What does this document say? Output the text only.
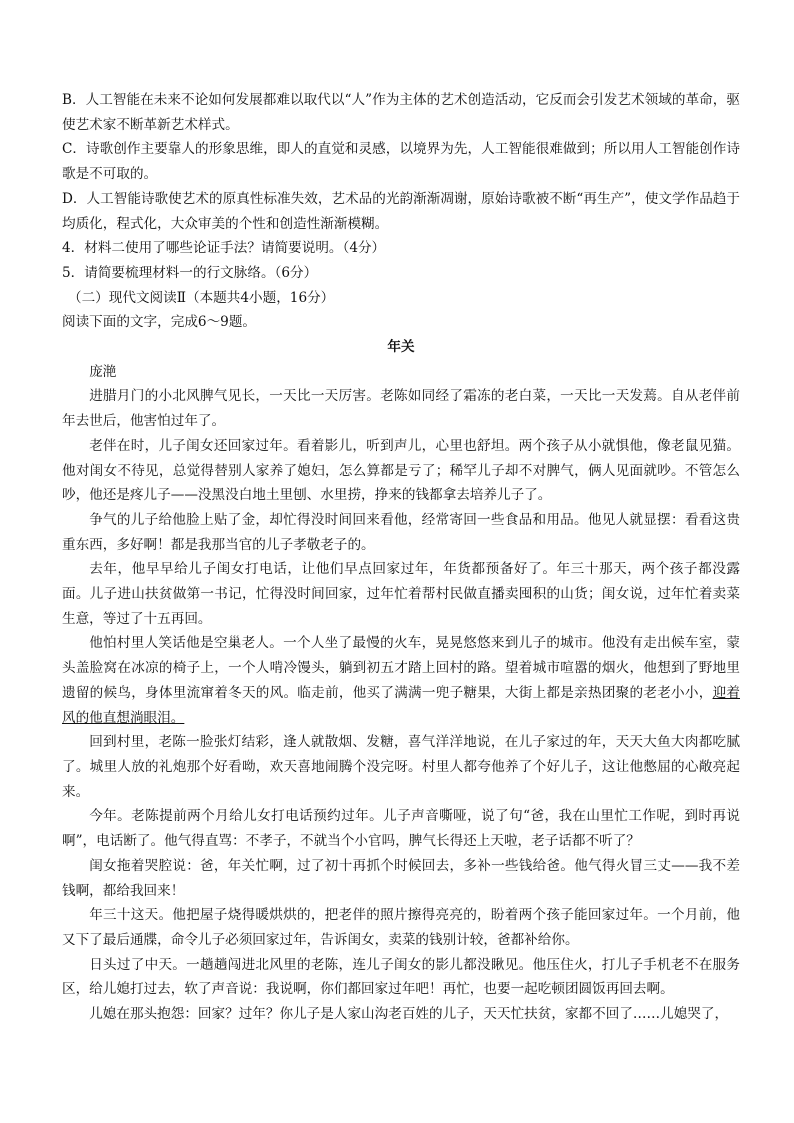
B．人工智能在未来不论如何发展都难以取代以“人”作为主体的艺术创造活动，它反而会引发艺术领域的革命，驱使艺术家不断革新艺术样式。

C．诗歌创作主要靠人的形象思维，即人的直觉和灵感，以境界为先，人工智能很难做到；所以用人工智能创作诗歌是不可取的。

D．人工智能诗歌使艺术的原真性标准失效，艺术品的光韵渐渐凋谢，原始诗歌被不断“再生产”，使文学作品趋于均质化，程式化，大众审美的个性和创造性渐渐模糊。

4．材料二使用了哪些论证手法？请简要说明。（4分）

5．请简要梳理材料一的行文脉络。（6分）

（二）现代文阅读Ⅱ（本题共4小题，16分）

阅读下面的文字，完成6～9题。

年关

庞滟

进腊月门的小北风脾气见长，一天比一天厉害。老陈如同经了霜冻的老白菜，一天比一天发蔫。自从老伴前年去世后，他害怕过年了。

老伴在时，儿子闺女还回家过年。看着影儿，听到声儿，心里也舒坦。两个孩子从小就惧他，像老鼠见猫。他对闺女不待见，总觉得替别人家养了媳妇，怎么算都是亏了；稀罕儿子却不对脾气，俩人见面就吵。不管怎么吵，他还是疼儿子——没黑没白地土里刨、水里捞，挣来的钱都拿去培养儿子了。

争气的儿子给他脸上贴了金，却忙得没时间回来看他，经常寄回一些食品和用品。他见人就显摆：看看这贵重东西，多好啊！都是我那当官的儿子孝敬老子的。

去年，他早早给儿子闺女打电话，让他们早点回家过年，年货都预备好了。年三十那天，两个孩子都没露面。儿子进山扶贫做第一书记，忙得没时间回家，过年忙着帮村民做直播卖囤积的山货；闺女说，过年忙着卖菜生意，等过了十五再回。

他怕村里人笑话他是空巢老人。一个人坐了最慢的火车，晃晃悠悠来到儿子的城市。他没有走出候车室，蒙头盖脸窝在冰凉的椅子上，一个人啃冷馒头，躺到初五才踏上回村的路。望着城市喧嚣的烟火，他想到了野地里遗留的候鸟，身体里流窜着冬天的风。临走前，他买了满满一兜子糖果，大街上都是亲热团聚的老老小小，迎着风的他直想淌眼泪。

回到村里，老陈一脸张灯结彩，逢人就散烟、发糖，喜气洋洋地说，在儿子家过的年，天天大鱼大肉都吃腻了。城里人放的礼炮那个好看呦，欢天喜地闹腾个没完呀。村里人都夸他养了个好儿子，这让他憋屈的心敞亮起来。

今年。老陈提前两个月给儿女打电话预约过年。儿子声音嘶哑，说了句“爸，我在山里忙工作呢，到时再说啊”，电话断了。他气得直骂：不孝子，不就当个小官吗，脾气长得还上天啦，老子话都不听了？

闺女拖着哭腔说：爸，年关忙啊，过了初十再抓个时候回去，多补一些钱给爸。他气得火冒三丈——我不差钱啊，都给我回来！

年三十这天。他把屋子烧得暖烘烘的，把老伴的照片擦得亮亮的，盼着两个孩子能回家过年。一个月前，他又下了最后通牒，命令儿子必须回家过年，告诉闺女，卖菜的钱别计较，爸都补给你。

日头过了中天。一趟趟闯进北风里的老陈，连儿子闺女的影儿都没瞅见。他压住火，打儿子手机老不在服务区，给儿媳打过去，软了声音说：我说啊，你们都回家过年吧！再忙，也要一起吃顿团圆饭再回去啊。

儿媳在那头抱怨：回家？过年？你儿子是人家山沟老百姓的儿子，天天忙扶贫，家都不回了……儿媳哭了，
